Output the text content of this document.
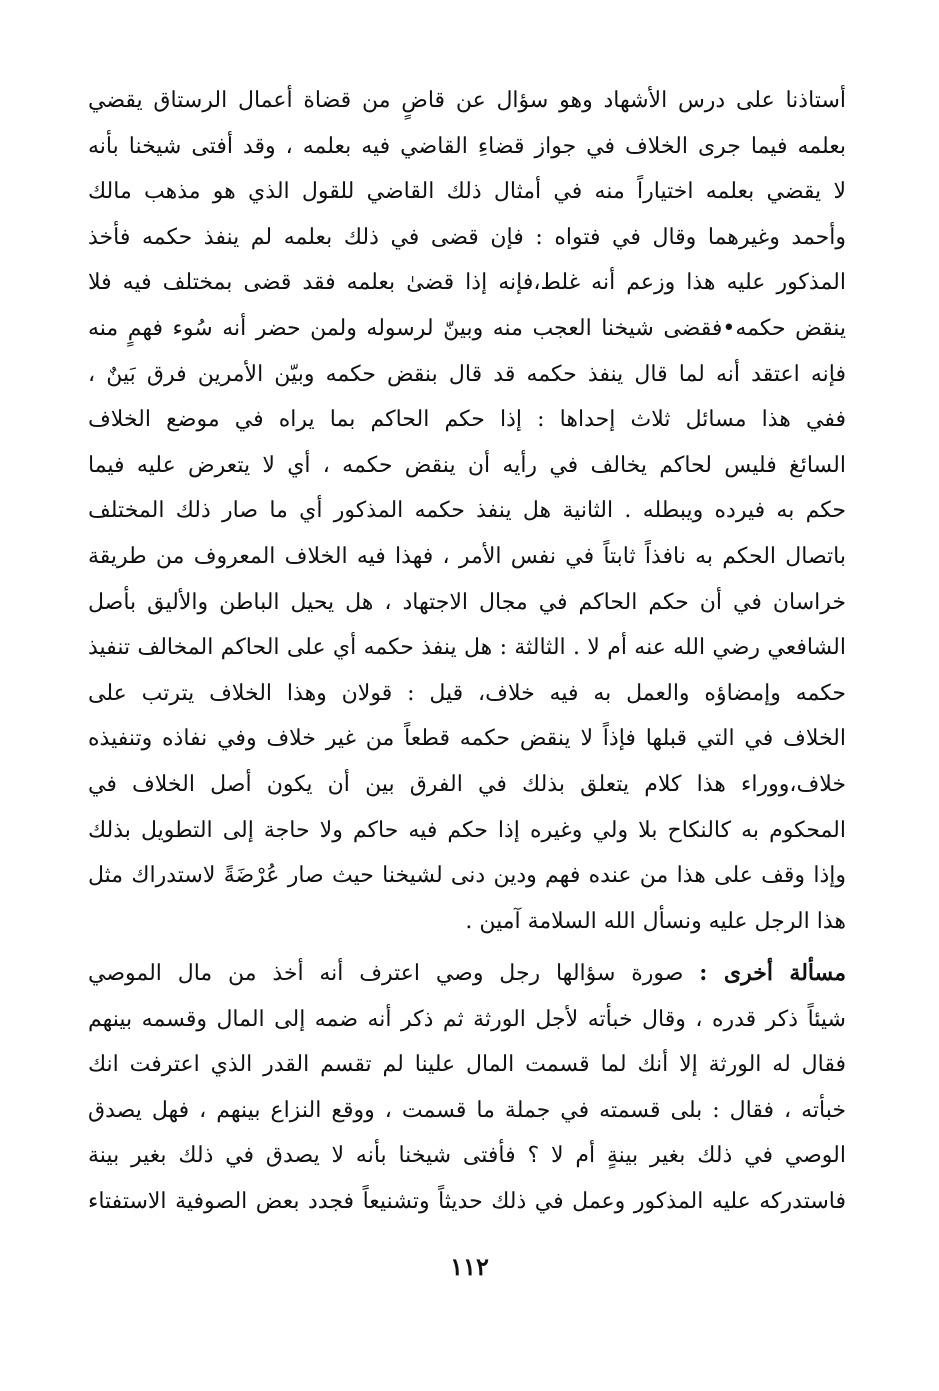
أستاذنا على درس الأشهاد وهو سؤال عن قاضٍ من قضاة أعمال الرستاق يقضي
بعلمه فيما جرى الخلاف في جواز قضاءِ القاضي فيه بعلمه ، وقد أفتى شيخنا بأنه
لا يقضي بعلمه اختياراً منه في أمثال ذلك القاضي للقول الذي هو مذهب مالك
وأحمد وغيرهما وقال في فتواه : فإن قضى في ذلك بعلمه لم ينفذ حكمه فأخذ
المذكور عليه هذا وزعم أنه غلط،فإنه إذا قضىٰ بعلمه فقد قضى بمختلف فيه فلا
ينقض حكمه•فقضى شيخنا العجب منه وبينّ لرسوله ولمن حضر أنه سُوء فهمٍ منه
فإنه اعتقد أنه لما قال ينفذ حكمه قد قال بنقض حكمه وبيّن الأمرين فرق بَينٌ ،
ففي هذا مسائل ثلاث إحداها : إذا حكم الحاكم بما يراه في موضع الخلاف
السائغ فليس لحاكم يخالف في رأيه أن ينقض حكمه ، أي لا يتعرض عليه فيما
حكم به فيرده ويبطله . الثانية هل ينفذ حكمه المذكور أي ما صار ذلك المختلف
باتصال الحكم به نافذاً ثابتاً في نفس الأمر ، فهذا فيه الخلاف المعروف من طريقة
خراسان في أن حكم الحاكم في مجال الاجتهاد ، هل يحيل الباطن والأليق بأصل
الشافعي رضي الله عنه أم لا . الثالثة : هل ينفذ حكمه أي على الحاكم المخالف تنفيذ
حكمه وإمضاؤه والعمل به فيه خلاف، قيل : قولان وهذا الخلاف يترتب على
الخلاف في التي قبلها فإذاً لا ينقض حكمه قطعاً من غير خلاف وفي نفاذه وتنفيذه
خلاف،ووراء هذا كلام يتعلق بذلك في الفرق بين أن يكون أصل الخلاف في
المحكوم به كالنكاح بلا ولي وغيره إذا حكم فيه حاكم ولا حاجة إلى التطويل بذلك
وإذا وقف على هذا من عنده فهم ودين دنى لشيخنا حيث صار عُرْضَةً لاستدراك مثل
هذا الرجل عليه ونسأل الله السلامة آمين .
مسألة أخرى : صورة سؤالها رجل وصي اعترف أنه أخذ من مال الموصي
شيئاً ذكر قدره ، وقال خبأته لأجل الورثة ثم ذكر أنه ضمه إلى المال وقسمه بينهم
فقال له الورثة إلا أنك لما قسمت المال علينا لم تقسم القدر الذي اعترفت انك
خبأته ، فقال : بلى قسمته في جملة ما قسمت ، ووقع النزاع بينهم ، فهل يصدق
الوصي في ذلك بغير بينةٍ أم لا ؟ فأفتى شيخنا بأنه لا يصدق في ذلك بغير بينة
فاستدركه عليه المذكور وعمل في ذلك حديثاً وتشنيعاً فجدد بعض الصوفية الاستفتاء
١١٢
